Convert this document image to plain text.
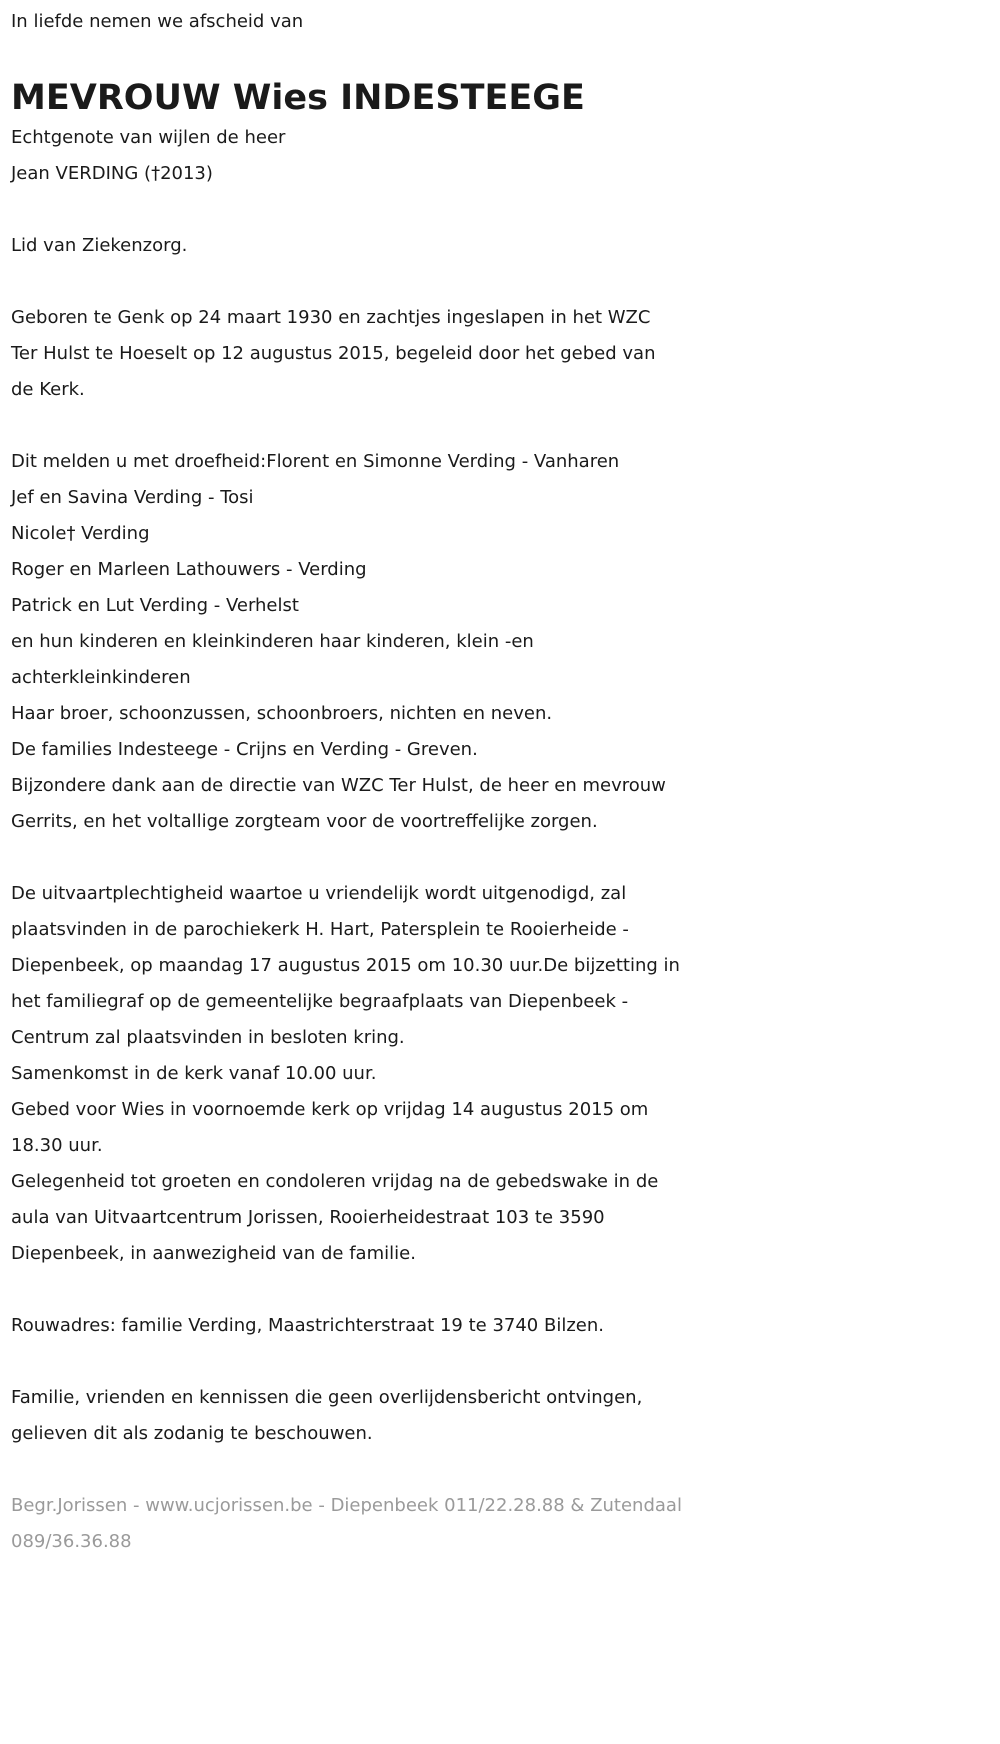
In liefde nemen we afscheid van
MEVROUW Wies INDESTEEGE
Echtgenote van wijlen de heer
Jean VERDING (†2013)
Lid van Ziekenzorg.
Geboren te Genk op 24 maart 1930 en zachtjes ingeslapen in het WZC
Ter Hulst te Hoeselt op 12 augustus 2015, begeleid door het gebed van
de Kerk.
Dit melden u met droefheid:Florent en Simonne Verding - Vanharen
Jef en Savina Verding - Tosi
Nicole† Verding
Roger en Marleen Lathouwers - Verding
Patrick en Lut Verding - Verhelst
en hun kinderen en kleinkinderen haar kinderen, klein -en
achterkleinkinderen
Haar broer, schoonzussen, schoonbroers, nichten en neven.
De families Indesteege - Crijns en Verding - Greven.
Bijzondere dank aan de directie van WZC Ter Hulst, de heer en mevrouw
Gerrits, en het voltallige zorgteam voor de voortreffelijke zorgen.
De uitvaartplechtigheid waartoe u vriendelijk wordt uitgenodigd, zal
plaatsvinden in de parochiekerk H. Hart, Patersplein te Rooierheide -
Diepenbeek, op maandag 17 augustus 2015 om 10.30 uur.De bijzetting in
het familiegraf op de gemeentelijke begraafplaats van Diepenbeek -
Centrum zal plaatsvinden in besloten kring.
Samenkomst in de kerk vanaf 10.00 uur.
Gebed voor Wies in voornoemde kerk op vrijdag 14 augustus 2015 om
18.30 uur.
Gelegenheid tot groeten en condoleren vrijdag na de gebedswake in de
aula van Uitvaartcentrum Jorissen, Rooierheidestraat 103 te 3590
Diepenbeek, in aanwezigheid van de familie.
Rouwadres: familie Verding, Maastrichterstraat 19 te 3740 Bilzen.
Familie, vrienden en kennissen die geen overlijdensbericht ontvingen,
gelieven dit als zodanig te beschouwen.
Begr.Jorissen - www.ucjorissen.be - Diepenbeek 011/22.28.88 & Zutendaal
089/36.36.88
